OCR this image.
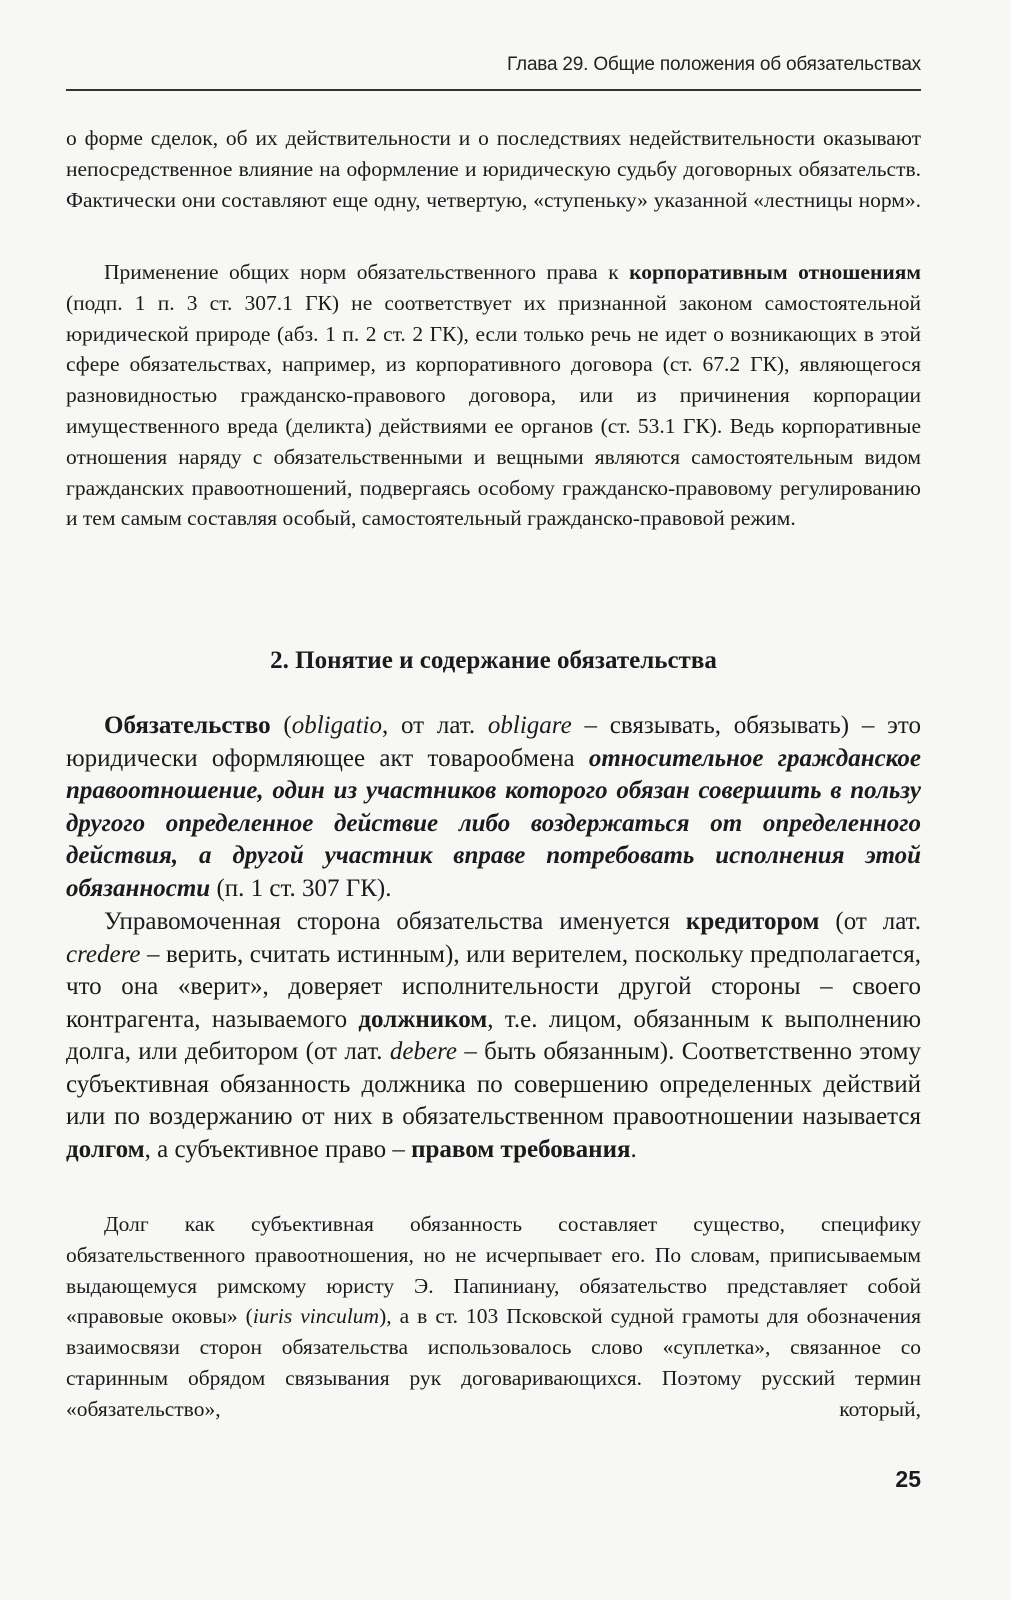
Глава 29. Общие положения об обязательствах

о форме сделок, об их действительности и о последствиях недействительности оказывают непосредственное влияние на оформление и юридическую судьбу договорных обязательств. Фактически они составляют еще одну, четвертую, «ступеньку» указанной «лестницы норм».

Применение общих норм обязательственного права к корпоративным отношениям (подп. 1 п. 3 ст. 307.1 ГК) не соответствует их признанной законом самостоятельной юридической природе (абз. 1 п. 2 ст. 2 ГК), если только речь не идет о возникающих в этой сфере обязательствах, например, из корпоративного договора (ст. 67.2 ГК), являющегося разновидностью гражданско-правового договора, или из причинения корпорации имущественного вреда (деликта) действиями ее органов (ст. 53.1 ГК). Ведь корпоративные отношения наряду с обязательственными и вещными являются самостоятельным видом гражданских правоотношений, подвергаясь особому гражданско-правовому регулированию и тем самым составляя особый, самостоятельный гражданско-правовой режим.

2. Понятие и содержание обязательства

Обязательство (obligatio, от лат. obligare – связывать, обязывать) – это юридически оформляющее акт товарообмена относительное гражданское правоотношение, один из участников которого обязан совершить в пользу другого определенное действие либо воздержаться от определенного действия, а другой участник вправе потребовать исполнения этой обязанности (п. 1 ст. 307 ГК).

Управомоченная сторона обязательства именуется кредитором (от лат. credere – верить, считать истинным), или верителем, поскольку предполагается, что она «верит», доверяет исполнительности другой стороны – своего контрагента, называемого должником, т.е. лицом, обязанным к выполнению долга, или дебитором (от лат. debere – быть обязанным). Соответственно этому субъективная обязанность должника по совершению определенных действий или по воздержанию от них в обязательственном правоотношении называется долгом, а субъективное право – правом требования.

Долг как субъективная обязанность составляет существо, специфику обязательственного правоотношения, но не исчерпывает его. По словам, приписываемым выдающемуся римскому юристу Э. Папиниану, обязательство представляет собой «правовые оковы» (iuris vinculum), а в ст. 103 Псковской судной грамоты для обозначения взаимосвязи сторон обязательства использовалось слово «суплетка», связанное со старинным обрядом связывания рук договаривающихся. Поэтому русский термин «обязательство», который,

25
